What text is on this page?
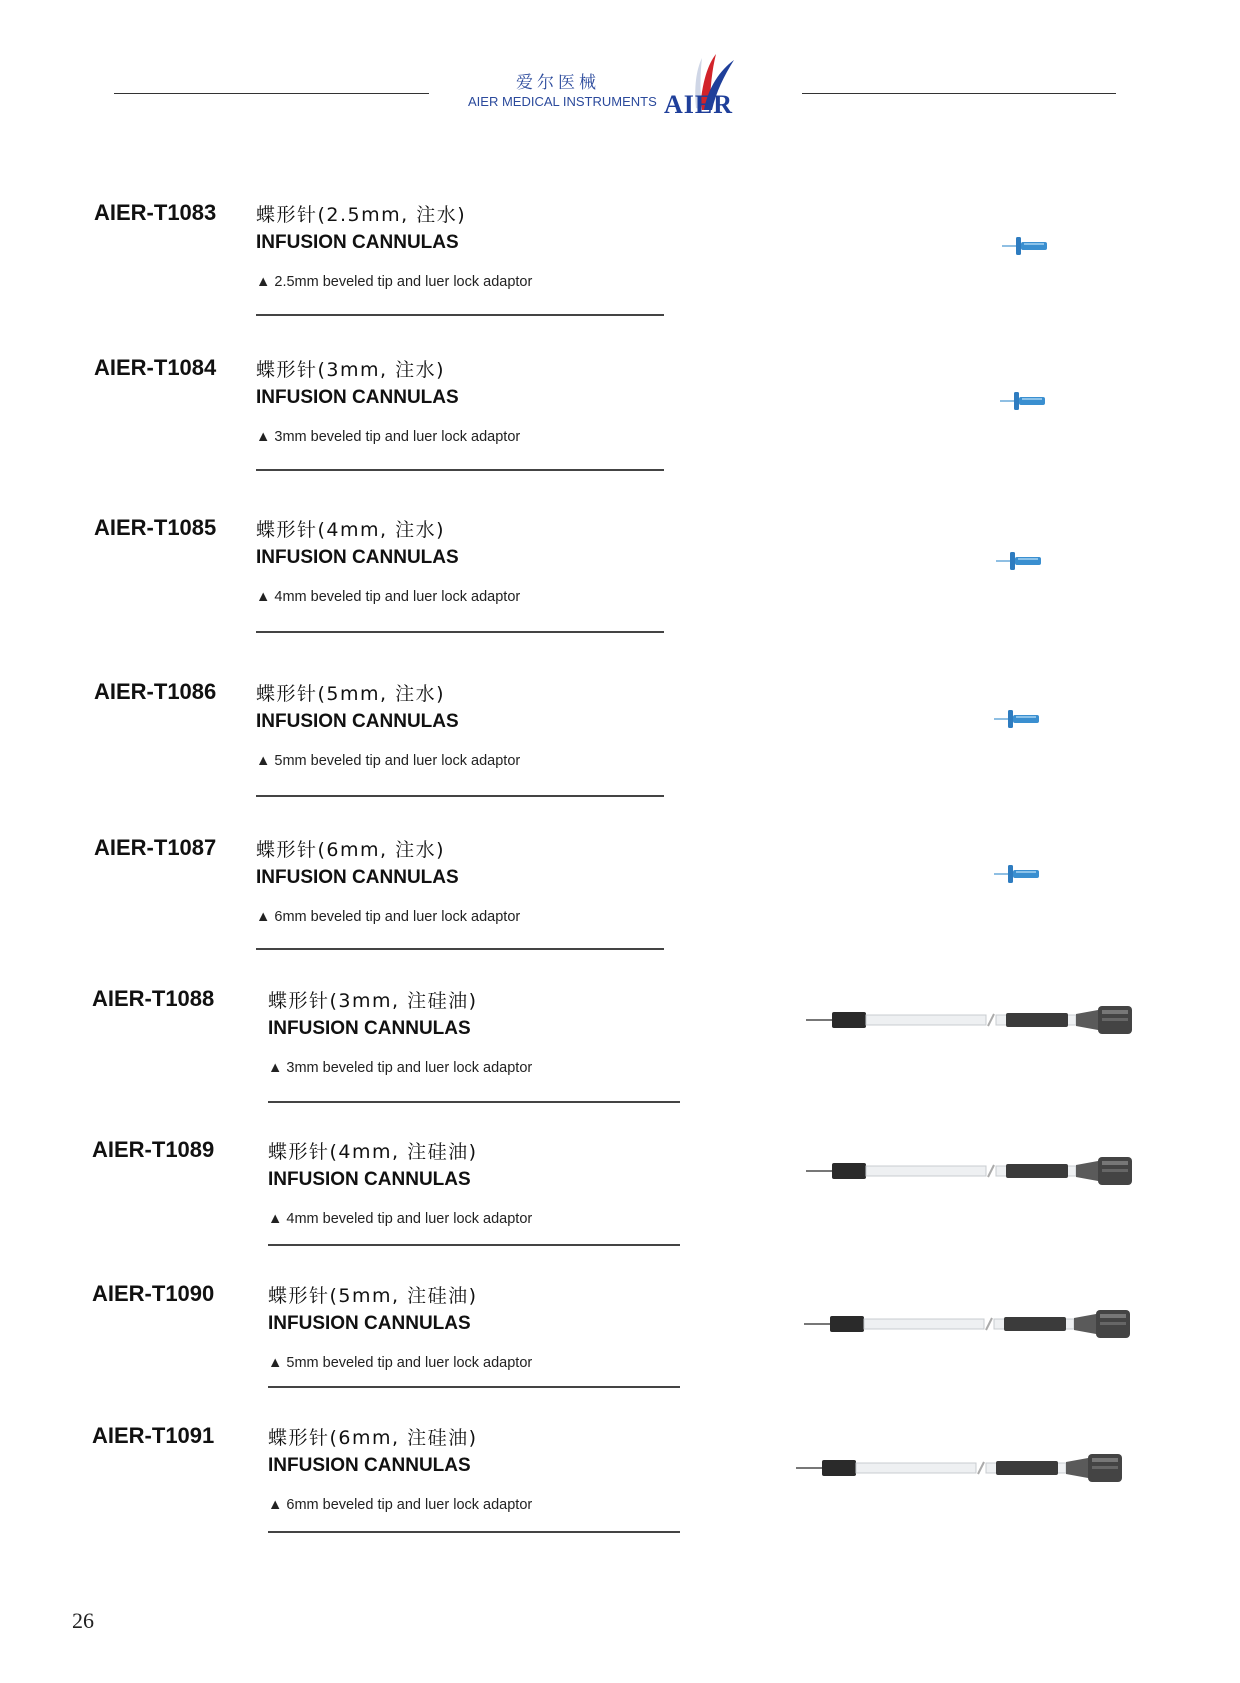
爱尔医械
AIER MEDICAL INSTRUMENTS AIER
AIER-T1083 蝶形针(2.5mm, 注水)
INFUSION CANNULAS
▲ 2.5mm beveled tip and luer lock adaptor
AIER-T1084 蝶形针(3mm, 注水)
INFUSION CANNULAS
▲ 3mm beveled tip and luer lock adaptor
AIER-T1085 蝶形针(4mm, 注水)
INFUSION CANNULAS
▲ 4mm beveled tip and luer lock adaptor
AIER-T1086 蝶形针(5mm, 注水)
INFUSION CANNULAS
▲ 5mm beveled tip and luer lock adaptor
AIER-T1087 蝶形针(6mm, 注水)
INFUSION CANNULAS
▲ 6mm beveled tip and luer lock adaptor
AIER-T1088	蝶形针(3mm, 注硅油)
INFUSION CANNULAS
▲ 3mm beveled tip and luer lock adaptor
AIER-T1089	蝶形针(4mm, 注硅油)
INFUSION CANNULAS
▲ 4mm beveled tip and luer lock adaptor
AIER-T1090	蝶形针(5mm, 注硅油)
INFUSION CANNULAS
▲ 5mm beveled tip and luer lock adaptor
AIER-T1091	蝶形针(6mm, 注硅油)
INFUSION CANNULAS
▲ 6mm beveled tip and luer lock adaptor
26
